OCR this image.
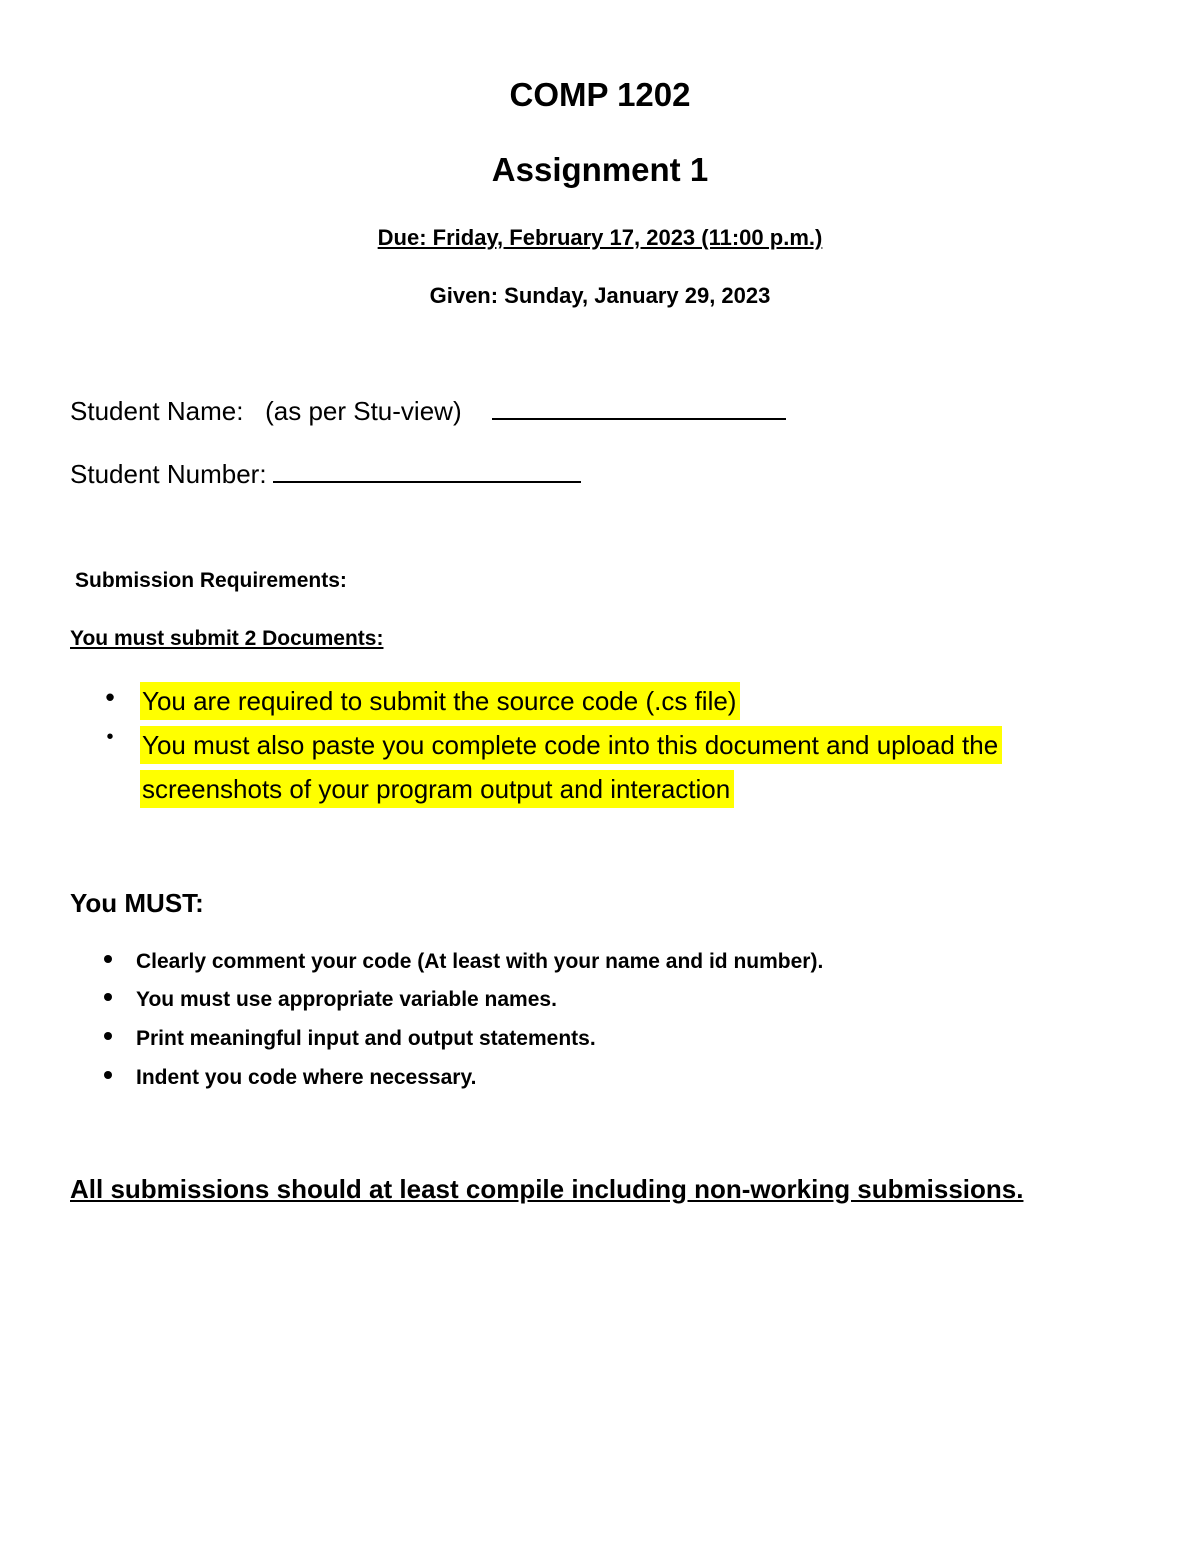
COMP 1202
Assignment 1
Due: Friday, February 17, 2023 (11:00 p.m.)
Given: Sunday, January 29, 2023
Student Name:   (as per Stu-view)
Student Number:
Submission Requirements:
You must submit 2 Documents:
• You are required to submit the source code (.cs file)
• You must also paste you complete code into this document and upload the
screenshots of your program output and interaction
You MUST:
Clearly comment your code (At least with your name and id number).
You must use appropriate variable names.
Print meaningful input and output statements.
Indent you code where necessary.
All submissions should at least compile including non-working submissions.
